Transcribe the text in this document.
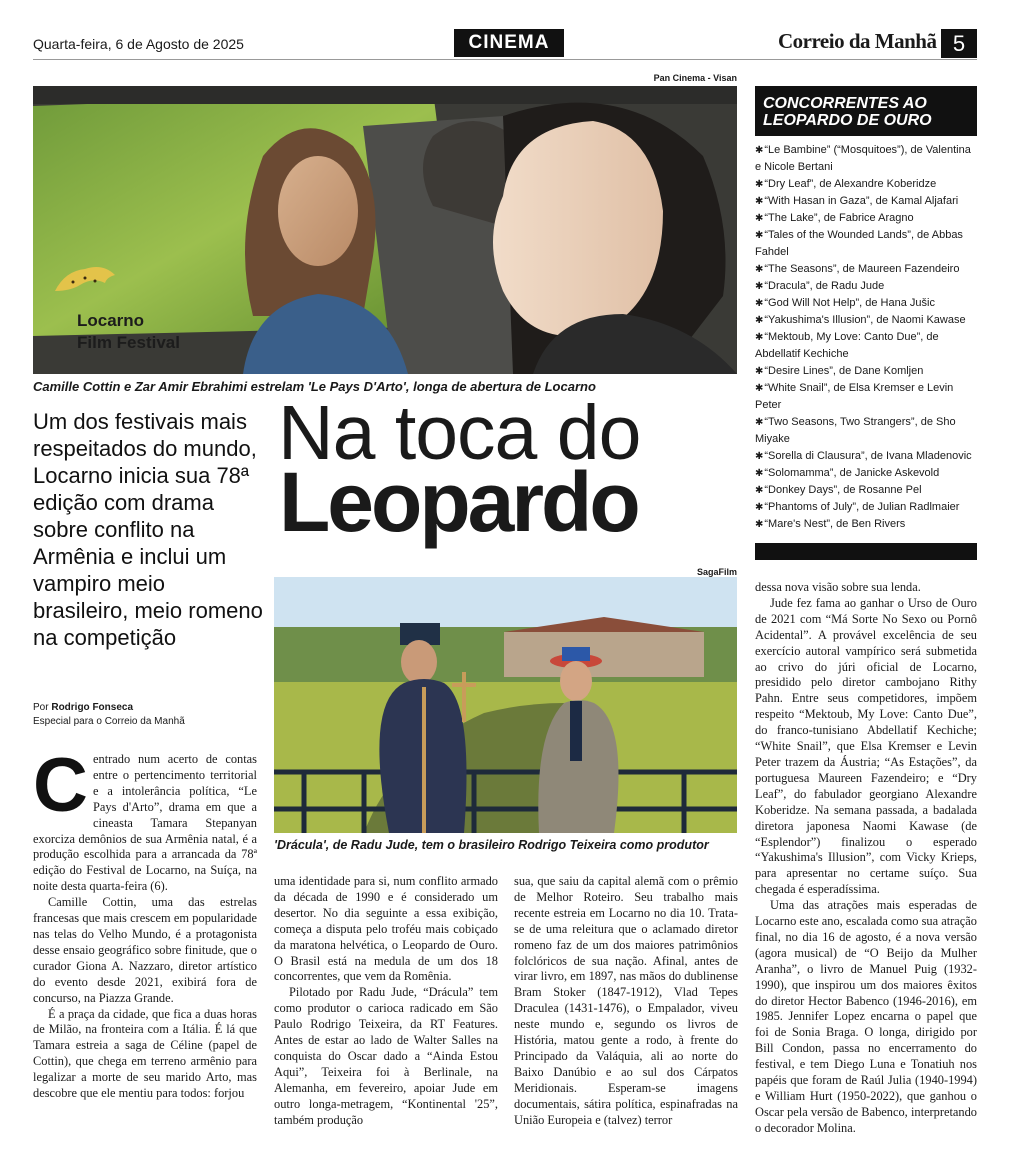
Quarta-feira, 6 de Agosto de 2025	CINEMA	Correio da Manhã 5
Pan Cinema - Visan
Locarno
Film Festival
Camille Cottin e Zar Amir Ebrahimi estrelam 'Le Pays D'Arto', longa de abertura de Locarno
CONCORRENTES AO
LEOPARDO DE OURO
✱“Le Bambine” (“Mosquitoes”), de Valentina e Nicole Bertani
✱“Dry Leaf”, de Alexandre Koberidze
✱“With Hasan in Gaza”, de Kamal Aljafari
✱“The Lake”, de Fabrice Aragno
✱“Tales of the Wounded Lands”, de Abbas Fahdel
✱“The Seasons”, de Maureen Fazendeiro
✱“Dracula”, de Radu Jude
✱“God Will Not Help”, de Hana Jušic
✱“Yakushima's Illusion”, de Naomi Kawase
✱“Mektoub, My Love: Canto Due”, de Abdellatif Kechiche
✱“Desire Lines”, de Dane Komljen
✱“White Snail”, de Elsa Kremser e Levin Peter
✱“Two Seasons, Two Strangers”, de Sho Miyake
✱“Sorella di Clausura”, de Ivana Mladenovic
✱“Solomamma”, de Janicke Askevold
✱“Donkey Days”, de Rosanne Pel
✱“Phantoms of July”, de Julian Radlmaier
✱“Mare's Nest”, de Ben Rivers
Um dos festivais mais respeitados do mundo, Locarno inicia sua 78ª edição com drama sobre conflito na Armênia e inclui um vampiro meio brasileiro, meio romeno na competição
Na toca do
Leopardo
Por Rodrigo Fonseca
Especial para o Correio da Manhã
SagaFilm
'Drácula', de Radu Jude, tem o brasileiro Rodrigo Teixeira como produtor

Centrado num acerto de contas entre o pertencimento territorial e a intolerância política, “Le Pays d'Arto”, drama em que a cineasta Tamara Stepanyan exorciza demônios de sua Armênia natal, é a produção escolhida para a arrancada da 78ª edição do Festival de Locarno, na Suíça, na noite desta quarta-feira (6).

Camille Cottin, uma das estrelas francesas que mais crescem em popularidade nas telas do Velho Mundo, é a protagonista desse ensaio geográfico sobre finitude, que o curador Giona A. Nazzaro, diretor artístico do evento desde 2021, exibirá fora de concurso, na Piazza Grande.

É a praça da cidade, que fica a duas horas de Milão, na fronteira com a Itália. É lá que Tamara estreia a saga de Céline (papel de Cottin), que chega em terreno armênio para legalizar a morte de seu marido Arto, mas descobre que ele mentiu para todos: forjou

uma identidade para si, num conflito armado da década de 1990 e é considerado um desertor. No dia seguinte a essa exibição, começa a disputa pelo troféu mais cobiçado da maratona helvética, o Leopardo de Ouro. O Brasil está na medula de um dos 18 concorrentes, que vem da Romênia.

Pilotado por Radu Jude, “Drácula” tem como produtor o carioca radicado em São Paulo Rodrigo Teixeira, da RT Features. Antes de estar ao lado de Walter Salles na conquista do Oscar dado a “Ainda Estou Aqui”, Teixeira foi à Berlinale, na Alemanha, em fevereiro, apoiar Jude em outro longa-metragem, “Kontinental '25”, também produção

sua, que saiu da capital alemã com o prêmio de Melhor Roteiro. Seu trabalho mais recente estreia em Locarno no dia 10. Trata-se de uma releitura que o aclamado diretor romeno faz de um dos maiores patrimônios folclóricos de sua nação. Afinal, antes de virar livro, em 1897, nas mãos do dublinense Bram Stoker (1847-1912), Vlad Tepes Draculea (1431-1476), o Empalador, viveu neste mundo e, segundo os livros de História, matou gente a rodo, à frente do Principado da Valáquia, ali ao norte do Baixo Danúbio e ao sul dos Cárpatos Meridionais. Esperam-se imagens documentais, sátira política, espinafradas na União Europeia e (talvez) terror

dessa nova visão sobre sua lenda.

Jude fez fama ao ganhar o Urso de Ouro de 2021 com “Má Sorte No Sexo ou Pornô Acidental”. A provável excelência de seu exercício autoral vampírico será submetida ao crivo do júri oficial de Locarno, presidido pelo diretor cambojano Rithy Pahn. Entre seus competidores, impõem respeito “Mektoub, My Love: Canto Due”, do franco-tunisiano Abdellatif Kechiche; “White Snail”, que Elsa Kremser e Levin Peter trazem da Áustria; “As Estações”, da portuguesa Maureen Fazendeiro; e “Dry Leaf”, do fabulador georgiano Alexandre Koberidze. Na semana passada, a badalada diretora japonesa Naomi Kawase (de “Esplendor”) finalizou o esperado “Yakushima's Illusion”, com Vicky Krieps, para apresentar no certame suíço. Sua chegada é esperadíssima.

Uma das atrações mais esperadas de Locarno este ano, escalada como sua atração final, no dia 16 de agosto, é a nova versão (agora musical) de “O Beijo da Mulher Aranha”, o livro de Manuel Puig (1932-1990), que inspirou um dos maiores êxitos do diretor Hector Babenco (1946-2016), em 1985. Jennifer Lopez encarna o papel que foi de Sonia Braga. O longa, dirigido por Bill Condon, passa no encerramento do festival, e tem Diego Luna e Tonatiuh nos papéis que foram de Raúl Julia (1940-1994) e William Hurt (1950-2022), que ganhou o Oscar pela versão de Babenco, interpretando o decorador Molina.
